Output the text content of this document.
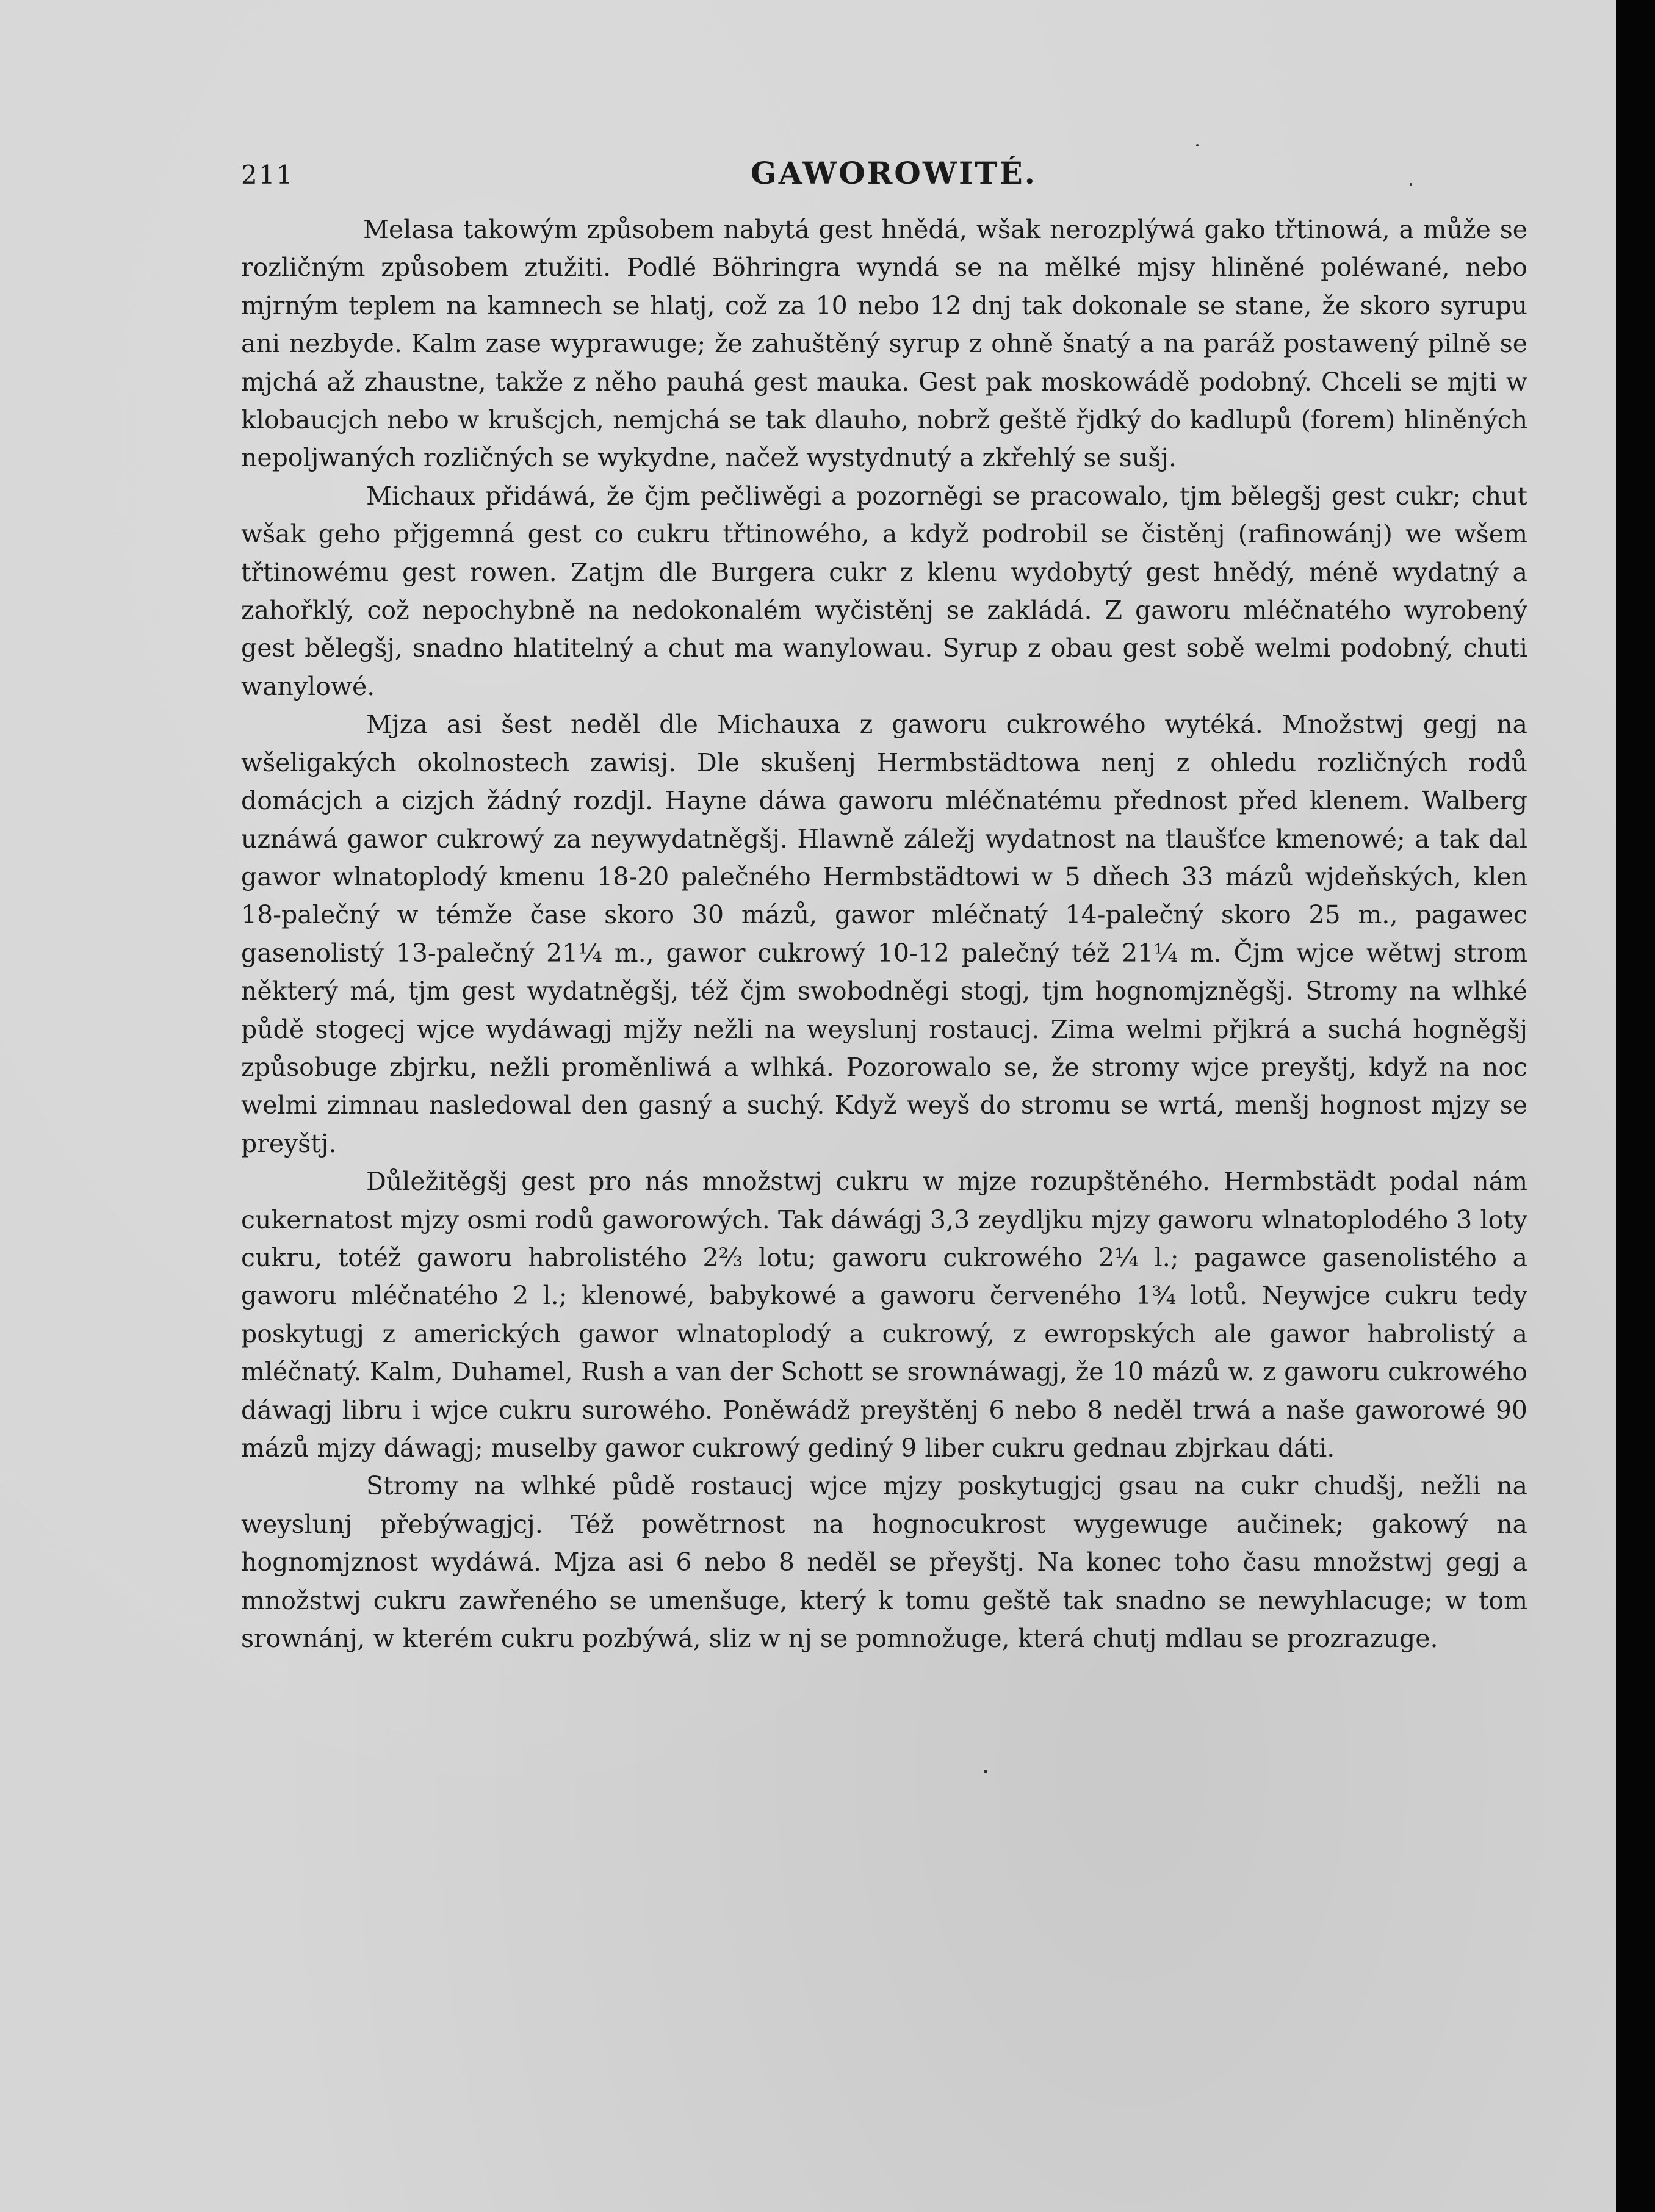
211	GAWOROWITÉ.

Melasa takowým způsobem nabytá gest hnědá, wšak nerozplýwá gako třtinowá, a může se rozličným způsobem ztužiti. Podlé Böhringra wyndá se na mělké mjsy hliněné poléwané, nebo mjrným teplem na kamnech se hlatj, což za 10 nebo 12 dnj tak dokonale se stane, že skoro syrupu ani nezbyde. Kalm zase wyprawuge; že zahuštěný syrup z ohně šnatý a na paráž postawený pilně se mjchá až zhaustne, takže z něho pauhá gest mauka. Gest pak moskowádě podobný. Chceli se mjti w klobaucjch nebo w krušcjch, nemjchá se tak dlauho, nobrž geště řjdký do kadlupů (forem) hliněných nepoljwaných rozličných se wykydne, načež wystydnutý a zkřehlý se sušj.

Michaux přidáwá, že čjm pečliwěgi a pozorněgi se pracowalo, tjm bělegšj gest cukr; chut wšak geho přjgemná gest co cukru třtinowého, a když podrobil se čistěnj (rafinowánj) we wšem třtinowému gest rowen. Zatjm dle Burgera cukr z klenu wydobytý gest hnědý, méně wydatný a zahořklý, což nepochybně na nedokonalém wyčistěnj se zakládá. Z gaworu mléčnatého wyrobený gest bělegšj, snadno hlatitelný a chut ma wanylowau. Syrup z obau gest sobě welmi podobný, chuti wanylowé.

Mjza asi šest neděl dle Michauxa z gaworu cukrowého wytéká. Množstwj gegj na wšeligakých okolnostech zawisj. Dle skušenj Hermbstädtowa nenj z ohledu rozličných rodů domácjch a cizjch žádný rozdjl. Hayne dáwa gaworu mléčnatému přednost před klenem. Walberg uznáwá gawor cukrowý za neywydatněgšj. Hlawně záležj wydatnost na tlaušťce kmenowé; a tak dal gawor wlnatoplodý kmenu 18-20 palečného Hermbstädtowi w 5 dňech 33 mázů wjdeňských, klen 18-palečný w témže čase skoro 30 mázů, gawor mléčnatý 14-palečný skoro 25 m., pagawec gasenolistý 13-palečný 21¼ m., gawor cukrowý 10-12 palečný též 21¼ m. Čjm wjce wětwj strom některý má, tjm gest wydatněgšj, též čjm swobodněgi stogj, tjm hognomjzněgšj. Stromy na wlhké půdě stogecj wjce wydáwagj mjžy nežli na weyslunj rostaucj. Zima welmi přjkrá a suchá hogněgšj způsobuge zbjrku, nežli proměnliwá a wlhká. Pozorowalo se, že stromy wjce preyštj, když na noc welmi zimnau nasledowal den gasný a suchý. Když weyš do stromu se wrtá, menšj hognost mjzy se preyštj.

Důležitěgšj gest pro nás množstwj cukru w mjze rozupštěného. Hermbstädt podal nám cukernatost mjzy osmi rodů gaworowých. Tak dáwágj 3,3 zeydljku mjzy gaworu wlnatoplodého 3 loty cukru, totéž gaworu habrolistého 2⅔ lotu; gaworu cukrowého 2¼ l.; pagawce gasenolistého a gaworu mléčnatého 2 l.; klenowé, babykowé a gaworu červeného 1¾ lotů. Neywjce cukru tedy poskytugj z amerických gawor wlnatoplodý a cukrowý, z ewropských ale gawor habrolistý a mléčnatý. Kalm, Duhamel, Rush a van der Schott se srownáwagj, že 10 mázů w. z gaworu cukrowého dáwagj libru i wjce cukru surowého. Poněwádž preyštěnj 6 nebo 8 neděl trwá a naše gaworowé 90 mázů mjzy dáwagj; muselby gawor cukrowý gediný 9 liber cukru gednau zbjrkau dáti.

Stromy na wlhké půdě rostaucj wjce mjzy poskytugjcj gsau na cukr chudšj, nežli na weyslunj přebýwagjcj. Též powětrnost na hognocukrost wygewuge aučinek; gakowý na hognomjznost wydáwá. Mjza asi 6 nebo 8 neděl se přeyštj. Na konec toho času množstwj gegj a množstwj cukru zawřeného se umenšuge, který k tomu geště tak snadno se newyhlacuge; w tom srownánj, w kterém cukru pozbýwá, sliz w nj se pomnožuge, která chutj mdlau se prozrazuge.
